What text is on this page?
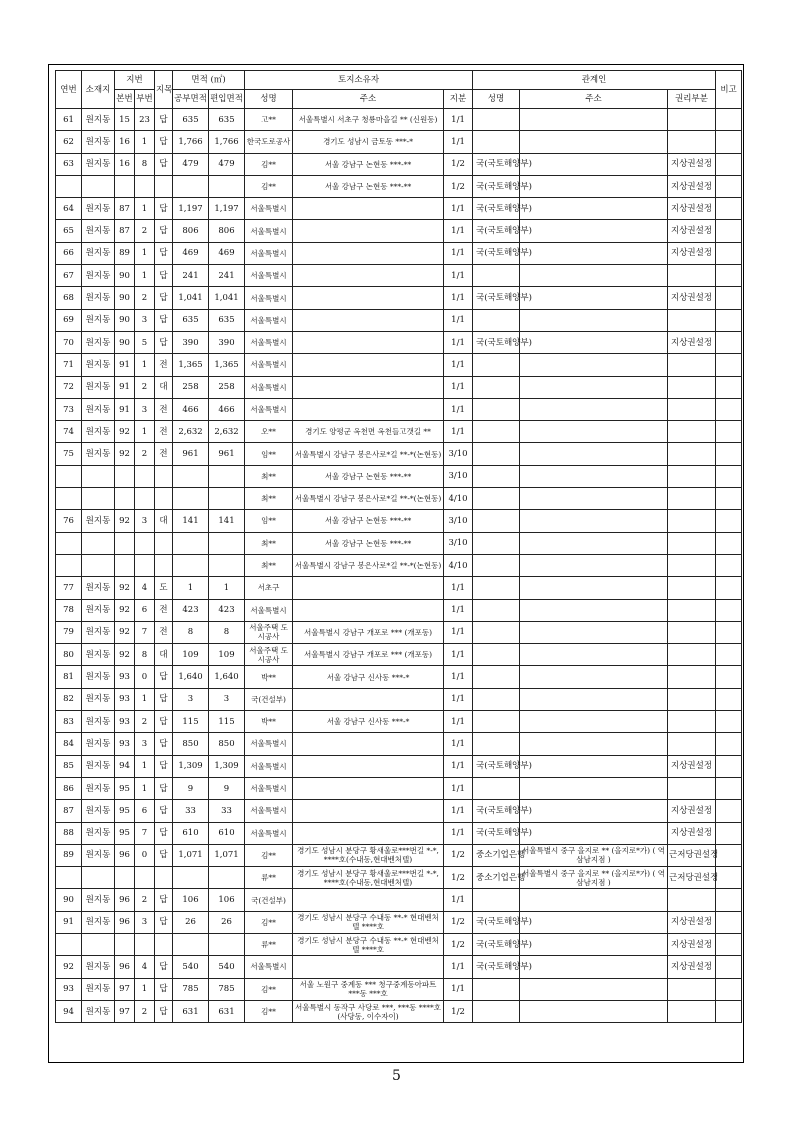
연번	소재지	지번		지목	면적 (㎡)		토지소유자			관계인			비고
		본번	부번		공부면적	편입면적	성명	주소	지분	성명	주소	권리부분	
61	원지동	15	23	답	635	635	고**	서울특별시 서초구 청룡마을길 ** (신원동)	1/1				
62	원지동	16	1	답	1,766	1,766	한국도로공사	경기도 성남시 금토동 ***-*	1/1				
63	원지동	16	8	답	479	479	김**	서울 강남구 논현동 ***-**	1/2	국(국토해양부)		지상권설정	
							김**	서울 강남구 논현동 ***-**	1/2	국(국토해양부)		지상권설정	
64	원지동	87	1	답	1,197	1,197	서울특별시		1/1	국(국토해양부)		지상권설정	
65	원지동	87	2	답	806	806	서울특별시		1/1	국(국토해양부)		지상권설정	
66	원지동	89	1	답	469	469	서울특별시		1/1	국(국토해양부)		지상권설정	
67	원지동	90	1	답	241	241	서울특별시		1/1				
68	원지동	90	2	답	1,041	1,041	서울특별시		1/1	국(국토해양부)		지상권설정	
69	원지동	90	3	답	635	635	서울특별시		1/1				
70	원지동	90	5	답	390	390	서울특별시		1/1	국(국토해양부)		지상권설정	
71	원지동	91	1	전	1,365	1,365	서울특별시		1/1				
72	원지동	91	2	대	258	258	서울특별시		1/1				
73	원지동	91	3	전	466	466	서울특별시		1/1				
74	원지동	92	1	전	2,632	2,632	오**	경기도 양평군 옥천면 옥천들고갯길 **	1/1				
75	원지동	92	2	전	961	961	임**	서울특별시 강남구 봉은사로*길 **-*(논현동)	3/10				
							최**	서울 강남구 논현동 ***-**	3/10				
							최**	서울특별시 강남구 봉은사로*길 **-*(논현동)	4/10				
76	원지동	92	3	대	141	141	임**	서울 강남구 논현동 ***-**	3/10				
							최**	서울 강남구 논현동 ***-**	3/10				
							최**	서울특별시 강남구 봉은사로*길 **-*(논현동)	4/10				
77	원지동	92	4	도	1	1	서초구		1/1				
78	원지동	92	6	전	423	423	서울특별시		1/1				
79	원지동	92	7	전	8	8	서울주택 도시공사	서울특별시 강남구 개포로 *** (개포동)	1/1				
80	원지동	92	8	대	109	109	서울주택 도시공사	서울특별시 강남구 개포로 *** (개포동)	1/1				
81	원지동	93	0	답	1,640	1,640	박**	서울 강남구 신사동 ***-*	1/1				
82	원지동	93	1	답	3	3	국(건설부)		1/1				
83	원지동	93	2	답	115	115	박**	서울 강남구 신사동 ***-*	1/1				
84	원지동	93	3	답	850	850	서울특별시		1/1				
85	원지동	94	1	답	1,309	1,309	서울특별시		1/1	국(국토해양부)		지상권설정	
86	원지동	95	1	답	9	9	서울특별시		1/1				
87	원지동	95	6	답	33	33	서울특별시		1/1	국(국토해양부)		지상권설정	
88	원지동	95	7	답	610	610	서울특별시		1/1	국(국토해양부)		지상권설정	
89	원지동	96	0	답	1,071	1,071	김**	경기도 성남시 분당구 황새울로***번길 *-*, ****호(수내동,현대벤처텔)	1/2	중소기업은행	서울특별시 중구 을지로 ** (을지로*가) ( 역삼남지점 )	근저당권설정	
							류**	경기도 성남시 분당구 황새울로***번길 *-*, ****호(수내동,현대벤처텔)	1/2	중소기업은행	서울특별시 중구 을지로 ** (을지로*가) ( 역삼남지점 )	근저당권설정	
90	원지동	96	2	답	106	106	국(건설부)		1/1				
91	원지동	96	3	답	26	26	김**	경기도 성남시 분당구 수내동 **-* 현대벤처텔 ****호	1/2	국(국토해양부)		지상권설정	
							류**	경기도 성남시 분당구 수내동 **-* 현대벤처텔 ****호	1/2	국(국토해양부)		지상권설정	
92	원지동	96	4	답	540	540	서울특별시		1/1	국(국토해양부)		지상권설정	
93	원지동	97	1	답	785	785	김**	서울 노원구 중계동 *** 청구중계동아파트 ***동 ***호	1/1				
94	원지동	97	2	답	631	631	김**	서울특별시 동작구 사당로 ***, ***동 ****호(사당동, 이수자이)	1/2				
5
